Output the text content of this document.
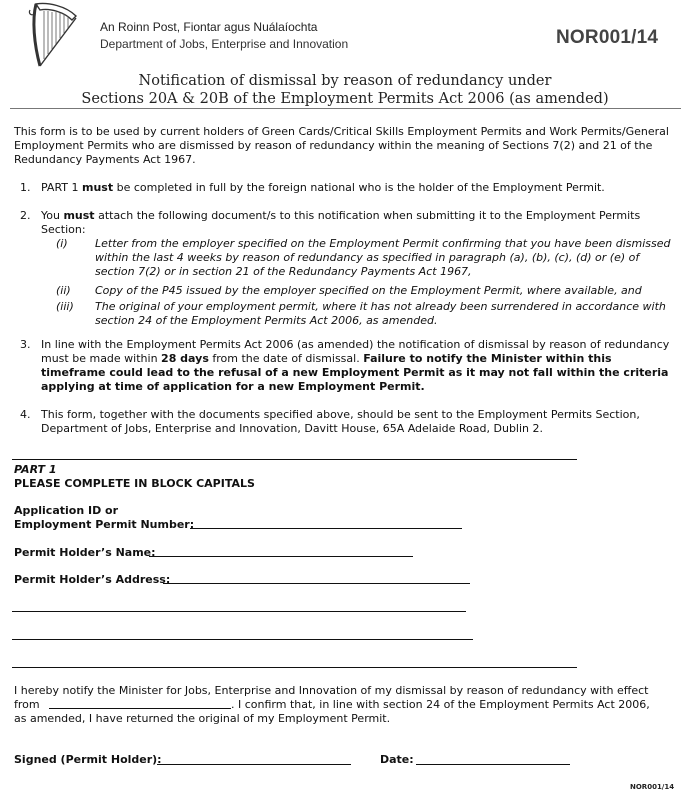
An Roinn Post, Fiontar agus Nuálaíochta
Department of Jobs, Enterprise and Innovation	NOR001/14
Notification of dismissal by reason of redundancy under
Sections 20A & 20B of the Employment Permits Act 2006 (as amended)
This form is to be used by current holders of Green Cards/Critical Skills Employment Permits and Work Permits/General Employment Permits who are dismissed by reason of redundancy within the meaning of Sections 7(2) and 21 of the Redundancy Payments Act 1967.
1. PART 1 must be completed in full by the foreign national who is the holder of the Employment Permit.
2. You must attach the following document/s to this notification when submitting it to the Employment Permits Section:
(i) Letter from the employer specified on the Employment Permit confirming that you have been dismissed within the last 4 weeks by reason of redundancy as specified in paragraph (a), (b), (c), (d) or (e) of section 7(2) or in section 21 of the Redundancy Payments Act 1967,
(ii) Copy of the P45 issued by the employer specified on the Employment Permit, where available, and
(iii) The original of your employment permit, where it has not already been surrendered in accordance with section 24 of the Employment Permits Act 2006, as amended.
3. In line with the Employment Permits Act 2006 (as amended) the notification of dismissal by reason of redundancy must be made within 28 days from the date of dismissal. Failure to notify the Minister within this timeframe could lead to the refusal of a new Employment Permit as it may not fall within the criteria applying at time of application for a new Employment Permit.
4. This form, together with the documents specified above, should be sent to the Employment Permits Section, Department of Jobs, Enterprise and Innovation, Davitt House, 65A Adelaide Road, Dublin 2.
PART 1
PLEASE COMPLETE IN BLOCK CAPITALS
Application ID or
Employment Permit Number:
Permit Holder’s Name:
Permit Holder’s Address:
I hereby notify the Minister for Jobs, Enterprise and Innovation of my dismissal by reason of redundancy with effect
from	. I confirm that, in line with section 24 of the Employment Permits Act 2006,
as amended, I have returned the original of my Employment Permit.
Signed (Permit Holder):	Date:
NOR001/14
